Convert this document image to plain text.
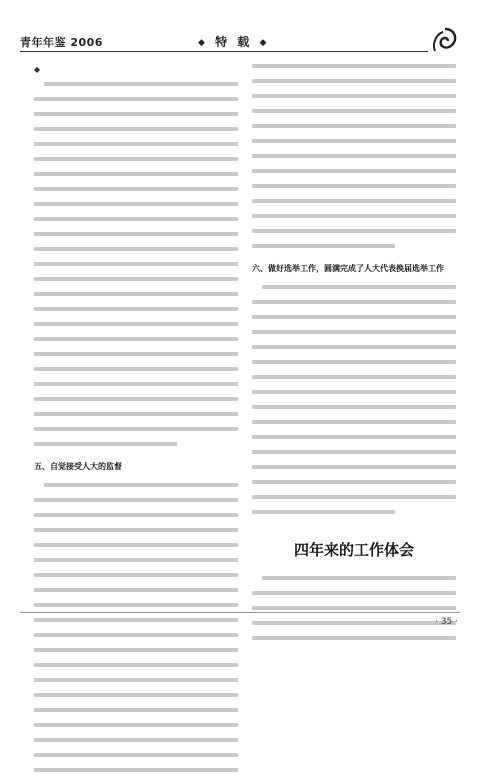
青年年鉴 2006	◆ 特 载 ◆
◆
五、自觉接受人大的监督
六、做好选举工作，圆满完成了人大代表换届选举工作
四年来的工作体会
· 35 ·
